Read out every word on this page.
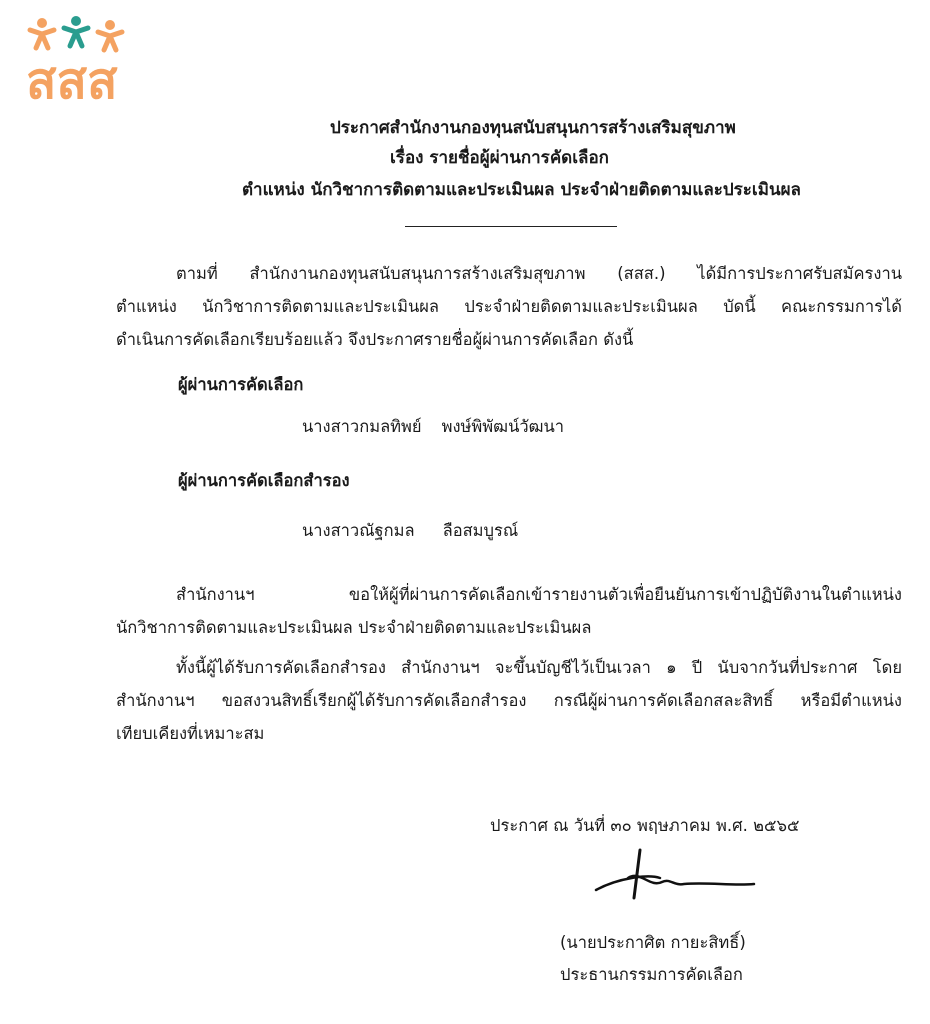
สสส
ประกาศสำนักงานกองทุนสนับสนุนการสร้างเสริมสุขภาพ
เรื่อง รายชื่อผู้ผ่านการคัดเลือก
ตำแหน่ง นักวิชาการติดตามและประเมินผล ประจำฝ่ายติดตามและประเมินผล
ตามที่ สำนักงานกองทุนสนับสนุนการสร้างเสริมสุขภาพ (สสส.) ได้มีการประกาศรับสมัครงาน
ตำแหน่ง นักวิชาการติดตามและประเมินผล ประจำฝ่ายติดตามและประเมินผล บัดนี้ คณะกรรมการได้
ดำเนินการคัดเลือกเรียบร้อยแล้ว จึงประกาศรายชื่อผู้ผ่านการคัดเลือก ดังนี้
ผู้ผ่านการคัดเลือก
นางสาวกมลทิพย์ พงษ์พิพัฒน์วัฒนา
ผู้ผ่านการคัดเลือกสำรอง
นางสาวณัฐกมล ลือสมบูรณ์
สำนักงานฯ ขอให้ผู้ที่ผ่านการคัดเลือกเข้ารายงานตัวเพื่อยืนยันการเข้าปฏิบัติงานในตำแหน่ง
นักวิชาการติดตามและประเมินผล ประจำฝ่ายติดตามและประเมินผล
ทั้งนี้ผู้ได้รับการคัดเลือกสำรอง สำนักงานฯ จะขึ้นบัญชีไว้เป็นเวลา ๑ ปี นับจากวันที่ประกาศ โดย
สำนักงานฯ ขอสงวนสิทธิ์เรียกผู้ได้รับการคัดเลือกสำรอง กรณีผู้ผ่านการคัดเลือกสละสิทธิ์ หรือมีตำแหน่ง
เทียบเคียงที่เหมาะสม
ประกาศ ณ วันที่ ๓๐ พฤษภาคม พ.ศ. ๒๕๖๕
(นายประกาศิต กายะสิทธิ์)
ประธานกรรมการคัดเลือก
